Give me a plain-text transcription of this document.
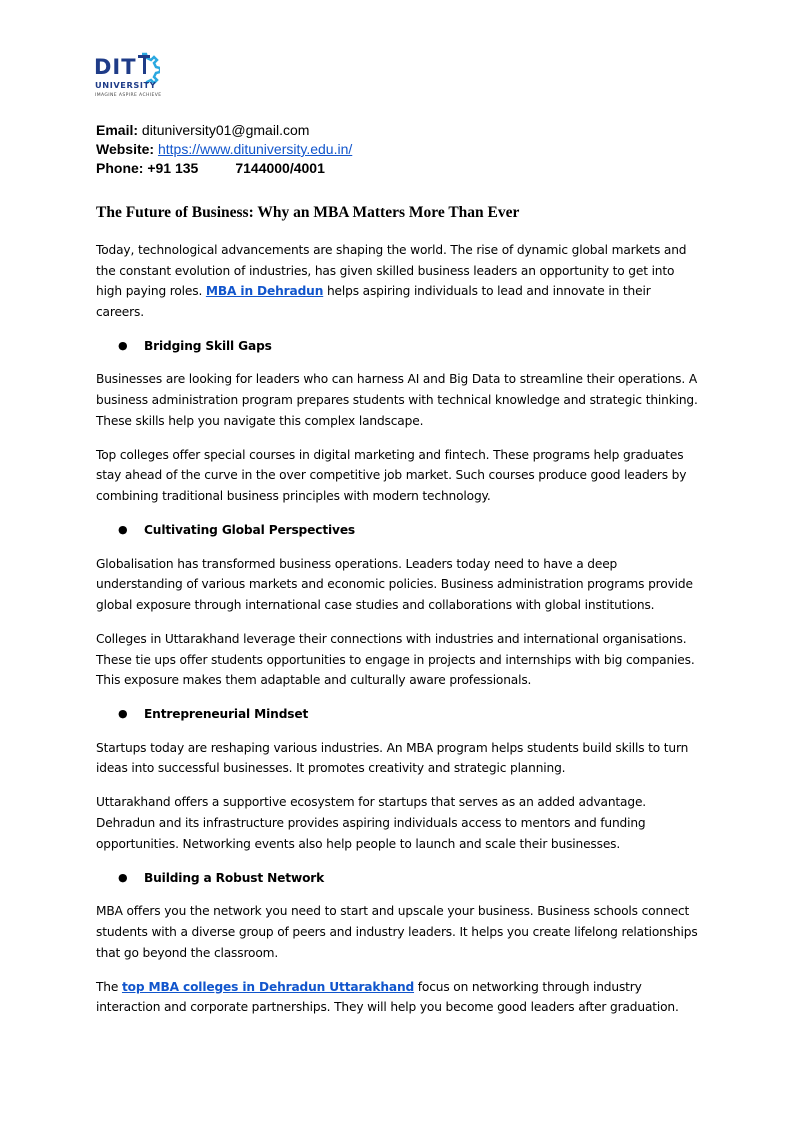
DIT
UNIVERSITY
IMAGINE ASPIRE ACHIEVE
Email: dituniversity01@gmail.com
Website: https://www.dituniversity.edu.in/
Phone: +91 135	7144000/4001
The Future of Business: Why an MBA Matters More Than Ever

Today, technological advancements are shaping the world. The rise of dynamic global markets and the constant evolution of industries, has given skilled business leaders an opportunity to get into high paying roles. MBA in Dehradun helps aspiring individuals to lead and innovate in their careers.

●	Bridging Skill Gaps

Businesses are looking for leaders who can harness AI and Big Data to streamline their operations. A business administration program prepares students with technical knowledge and strategic thinking. These skills help you navigate this complex landscape.

Top colleges offer special courses in digital marketing and fintech. These programs help graduates stay ahead of the curve in the over competitive job market. Such courses produce good leaders by combining traditional business principles with modern technology.

●	Cultivating Global Perspectives

Globalisation has transformed business operations. Leaders today need to have a deep understanding of various markets and economic policies. Business administration programs provide global exposure through international case studies and collaborations with global institutions.

Colleges in Uttarakhand leverage their connections with industries and international organisations. These tie ups offer students opportunities to engage in projects and internships with big companies. This exposure makes them adaptable and culturally aware professionals.

●	Entrepreneurial Mindset

Startups today are reshaping various industries. An MBA program helps students build skills to turn ideas into successful businesses. It promotes creativity and strategic planning.

Uttarakhand offers a supportive ecosystem for startups that serves as an added advantage. Dehradun and its infrastructure provides aspiring individuals access to mentors and funding opportunities. Networking events also help people to launch and scale their businesses.

●	Building a Robust Network

MBA offers you the network you need to start and upscale your business. Business schools connect students with a diverse group of peers and industry leaders. It helps you create lifelong relationships that go beyond the classroom.

The top MBA colleges in Dehradun Uttarakhand focus on networking through industry interaction and corporate partnerships. They will help you become good leaders after graduation.
